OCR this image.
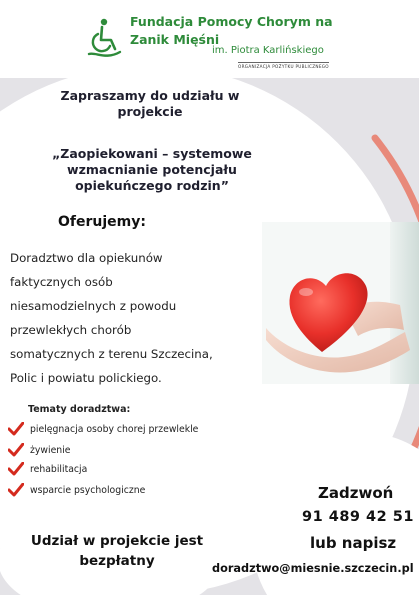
Fundacja Pomocy Chorym na
Zanik Mięśni
im. Piotra Karlińskiego
ORGANIZACJA POŻYTKU PUBLICZNEGO
Zapraszamy do udziału w projekcie
„Zaopiekowani – systemowe wzmacnianie potencjału opiekuńczego rodzin”
Oferujemy:
Doradztwo dla opiekunów
faktycznych osób
niesamodzielnych z powodu
przewlekłych chorób
somatycznych z terenu Szczecina,
Polic i powiatu polickiego.
Tematy doradztwa:
pielęgnacja osoby chorej przewlekle
żywienie
rehabilitacja
wsparcie psychologiczne
Udział w projekcie jest
bezpłatny
Zadzwoń
91 489 42 51
lub napisz
doradztwo@miesnie.szczecin.pl
